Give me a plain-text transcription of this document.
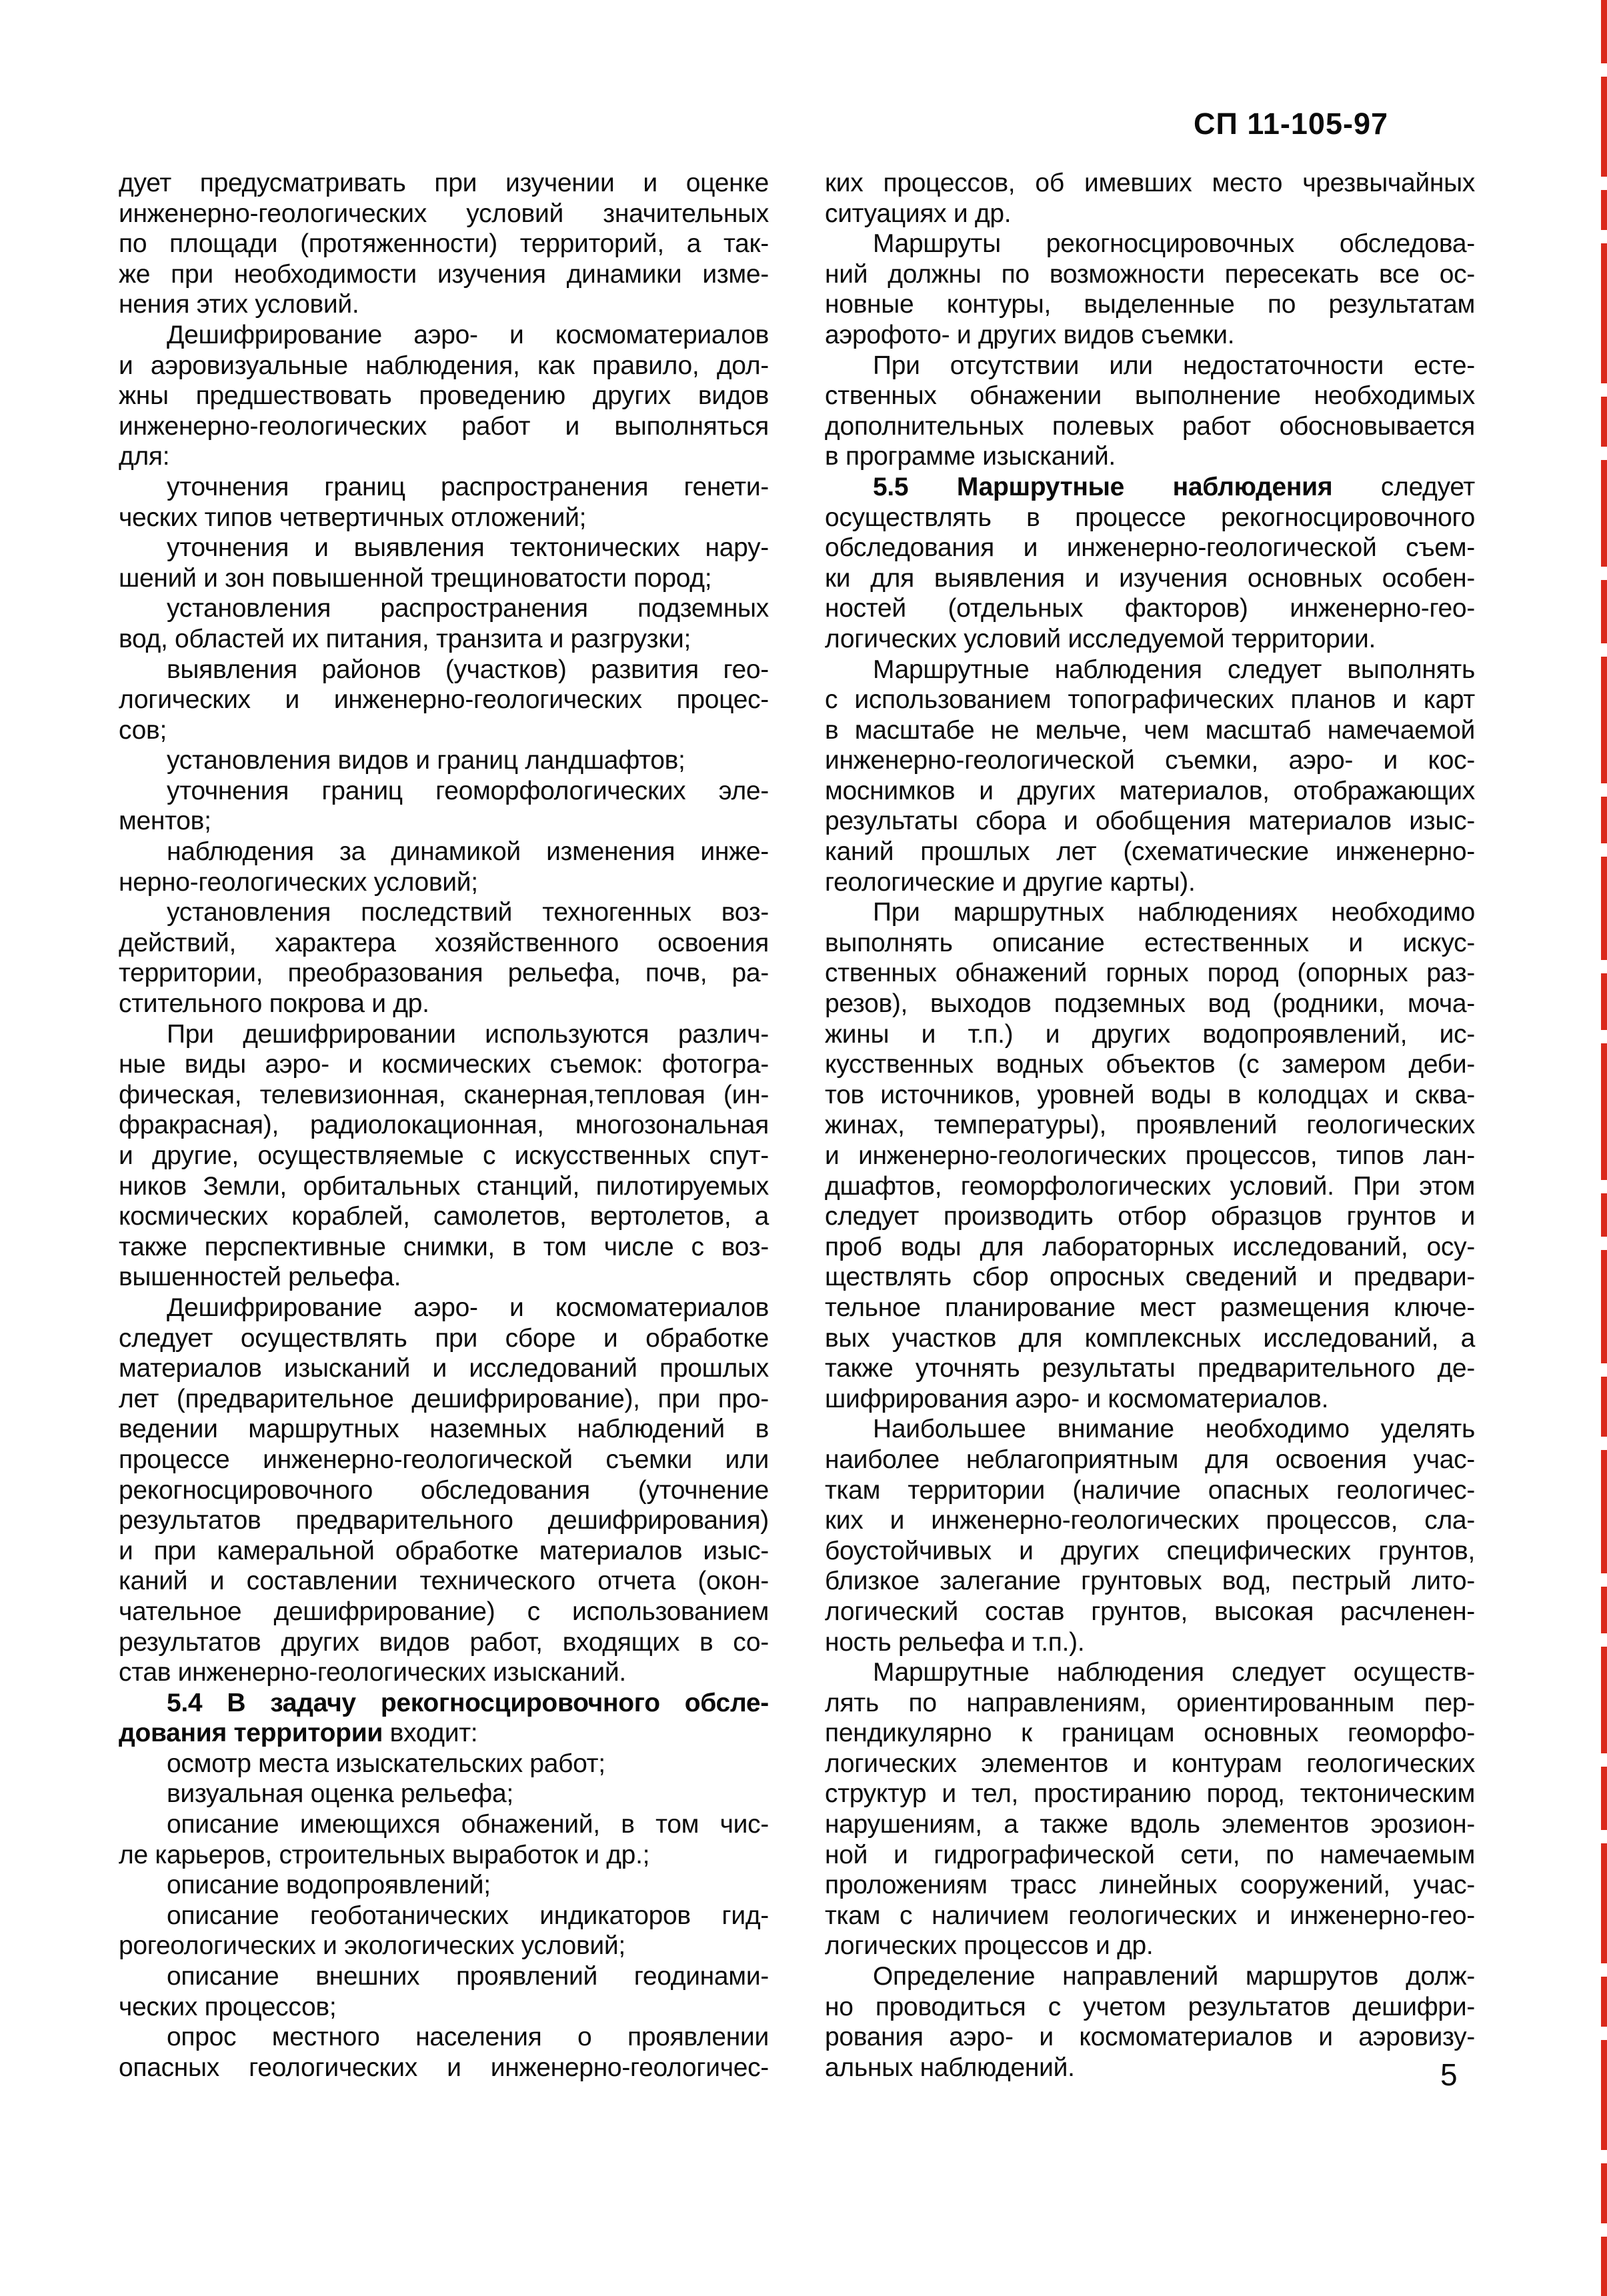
СП 11-105-97
дует предусматривать при изучении и оценке
инженерно-геологических условий значительных
по площади (протяженности) территорий, а так-
же при необходимости изучения динамики изме-
нения этих условий.
Дешифрирование аэро- и космоматериалов
и аэровизуальные наблюдения, как правило, дол-
жны предшествовать проведению других видов
инженерно-геологических работ и выполняться
для:
уточнения границ распространения генети-
ческих типов четвертичных отложений;
уточнения и выявления тектонических нару-
шений и зон повышенной трещиноватости пород;
установления распространения подземных
вод, областей их питания, транзита и разгрузки;
выявления районов (участков) развития гео-
логических и инженерно-геологических процес-
сов;
установления видов и границ ландшафтов;
уточнения границ геоморфологических эле-
ментов;
наблюдения за динамикой изменения инже-
нерно-геологических условий;
установления последствий техногенных воз-
действий, характера хозяйственного освоения
территории, преобразования рельефа, почв, ра-
стительного покрова и др.
При дешифрировании используются различ-
ные виды аэро- и космических съемок: фотогра-
фическая, телевизионная, сканерная,тепловая (ин-
фракрасная), радиолокационная, многозональная
и другие, осуществляемые с искусственных спут-
ников Земли, орбитальных станций, пилотируемых
космических кораблей, самолетов, вертолетов, а
также перспективные снимки, в том числе с воз-
вышенностей рельефа.
Дешифрирование аэро- и космоматериалов
следует осуществлять при сборе и обработке
материалов изысканий и исследований прошлых
лет (предварительное дешифрирование), при про-
ведении маршрутных наземных наблюдений в
процессе инженерно-геологической съемки или
рекогносцировочного обследования (уточнение
результатов предварительного дешифрирования)
и при камеральной обработке материалов изыс-
каний и составлении технического отчета (окон-
чательное дешифрирование) с использованием
результатов других видов работ, входящих в со-
став инженерно-геологических изысканий.
5.4 В задачу рекогносцировочного обсле-
дования территории входит:
осмотр места изыскательских работ;
визуальная оценка рельефа;
описание имеющихся обнажений, в том чис-
ле карьеров, строительных выработок и др.;
описание водопроявлений;
описание геоботанических индикаторов гид-
рогеологических и экологических условий;
описание внешних проявлений геодинами-
ческих процессов;
опрос местного населения о проявлении
опасных геологических и инженерно-геологичес-
ких процессов, об имевших место чрезвычайных
ситуациях и др.
Маршруты рекогносцировочных обследова-
ний должны по возможности пересекать все ос-
новные контуры, выделенные по результатам
аэрофото- и других видов съемки.
При отсутствии или недостаточности есте-
ственных обнажении выполнение необходимых
дополнительных полевых работ обосновывается
в программе изысканий.
5.5 Маршрутные наблюдения следует
осуществлять в процессе рекогносцировочного
обследования и инженерно-геологической съем-
ки для выявления и изучения основных особен-
ностей (отдельных факторов) инженерно-гео-
логических условий исследуемой территории.
Маршрутные наблюдения следует выполнять
с использованием топографических планов и карт
в масштабе не мельче, чем масштаб намечаемой
инженерно-геологической съемки, аэро- и кос-
моснимков и других материалов, отображающих
результаты сбора и обобщения материалов изыс-
каний прошлых лет (схематические инженерно-
геологические и другие карты).
При маршрутных наблюдениях необходимо
выполнять описание естественных и искус-
ственных обнажений горных пород (опорных раз-
резов), выходов подземных вод (родники, моча-
жины и т.п.) и других водопроявлений, ис-
кусственных водных объектов (с замером деби-
тов источников, уровней воды в колодцах и сква-
жинах, температуры), проявлений геологических
и инженерно-геологических процессов, типов лан-
дшафтов, геоморфологических условий. При этом
следует производить отбор образцов грунтов и
проб воды для лабораторных исследований, осу-
ществлять сбор опросных сведений и предвари-
тельное планирование мест размещения ключе-
вых участков для комплексных исследований, а
также уточнять результаты предварительного де-
шифрирования аэро- и космоматериалов.
Наибольшее внимание необходимо уделять
наиболее неблагоприятным для освоения учас-
ткам территории (наличие опасных геологичес-
ких и инженерно-геологических процессов, сла-
боустойчивых и других специфических грунтов,
близкое залегание грунтовых вод, пестрый лито-
логический состав грунтов, высокая расчленен-
ность рельефа и т.п.).
Маршрутные наблюдения следует осуществ-
лять по направлениям, ориентированным пер-
пендикулярно к границам основных геоморфо-
логических элементов и контурам геологических
структур и тел, простиранию пород, тектоническим
нарушениям, а также вдоль элементов эрозион-
ной и гидрографической сети, по намечаемым
проложениям трасс линейных сооружений, учас-
ткам с наличием геологических и инженерно-гео-
логических процессов и др.
Определение направлений маршрутов долж-
но проводиться с учетом результатов дешифри-
рования аэро- и космоматериалов и аэровизу-
альных наблюдений.	5
